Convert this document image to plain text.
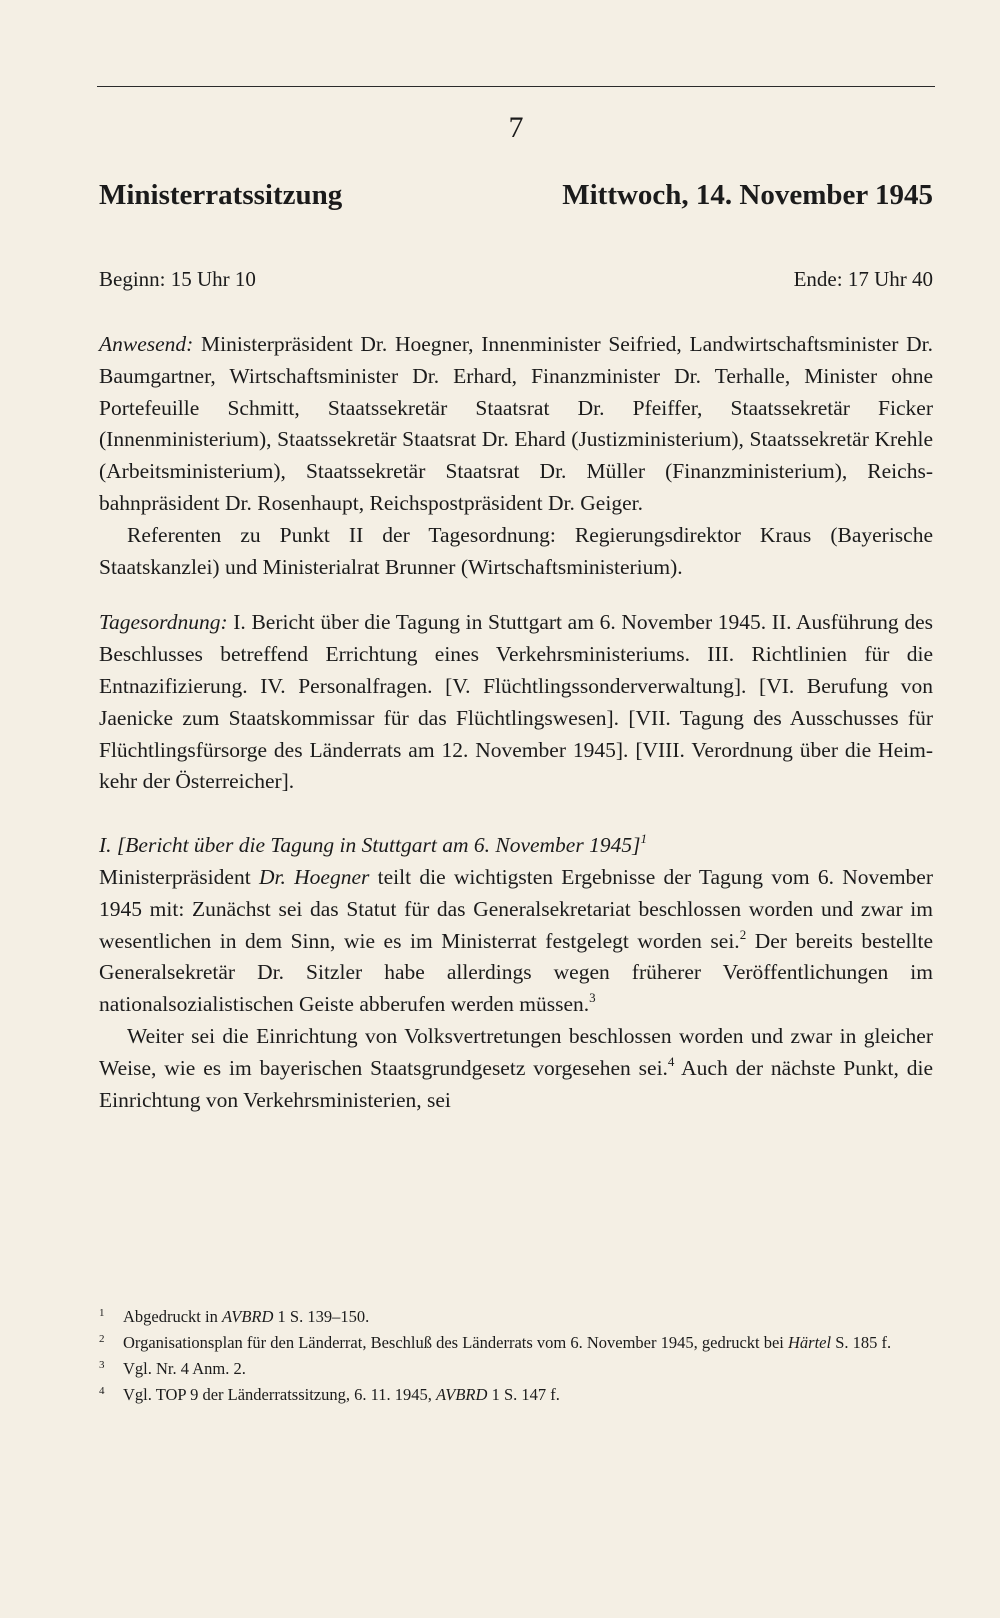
7
Ministerratssitzung	Mittwoch, 14. November 1945
Beginn: 15 Uhr 10	Ende: 17 Uhr 40

Anwesend: Ministerpräsident Dr. Hoegner, Innenminister Seifried, Landwirtschaftsminister Dr. Baumgartner, Wirtschaftsminister Dr. Erhard, Finanzminister Dr. Terhalle, Minister ohne Portefeuille Schmitt, Staatssekretär Staatsrat Dr. Pfeiffer, Staatssekretär Ficker (Innenministerium), Staatssekretär Staatsrat Dr. Ehard (Justizministerium), Staatssekretär Krehle (Arbeitsministerium), Staatssekretär Staatsrat Dr. Müller (Finanzministerium), Reichsbahnpräsident Dr. Rosenhaupt, Reichspostpräsident Dr. Geiger.

Referenten zu Punkt II der Tagesordnung: Regierungsdirektor Kraus (Bayerische Staatskanzlei) und Ministerialrat Brunner (Wirtschaftsministerium).

Tagesordnung: I. Bericht über die Tagung in Stuttgart am 6. November 1945. II. Ausführung des Beschlusses betreffend Errichtung eines Verkehrsministeriums. III. Richtlinien für die Entnazifizierung. IV. Personalfragen. [V. Flüchtlingssonderverwaltung]. [VI. Berufung von Jaenicke zum Staatskommissar für das Flüchtlingswesen]. [VII. Tagung des Ausschusses für Flüchtlingsfürsorge des Länderrats am 12. November 1945]. [VIII. Verordnung über die Heimkehr der Österreicher].

I. [Bericht über die Tagung in Stuttgart am 6. November 1945]$^1$

Ministerpräsident Dr. Hoegner teilt die wichtigsten Ergebnisse der Tagung vom 6. November 1945 mit: Zunächst sei das Statut für das Generalsekretariat beschlossen worden und zwar im wesentlichen in dem Sinn, wie es im Ministerrat festgelegt worden sei.$^2$ Der bereits bestellte Generalsekretär Dr. Sitzler habe allerdings wegen früherer Veröffentlichungen im nationalsozialistischen Geiste abberufen werden müssen.$^3$

Weiter sei die Einrichtung von Volksvertretungen beschlossen worden und zwar in gleicher Weise, wie es im bayerischen Staatsgrundgesetz vorgesehen sei.$^4$ Auch der nächste Punkt, die Einrichtung von Verkehrsministerien, sei

1 Abgedruckt in AVBRD 1 S. 139–150.

2 Organisationsplan für den Länderrat, Beschluß des Länderrats vom 6. November 1945, gedruckt bei Härtel S. 185 f.

3 Vgl. Nr. 4 Anm. 2.

4 Vgl. TOP 9 der Länderratssitzung, 6. 11. 1945, AVBRD 1 S. 147 f.
